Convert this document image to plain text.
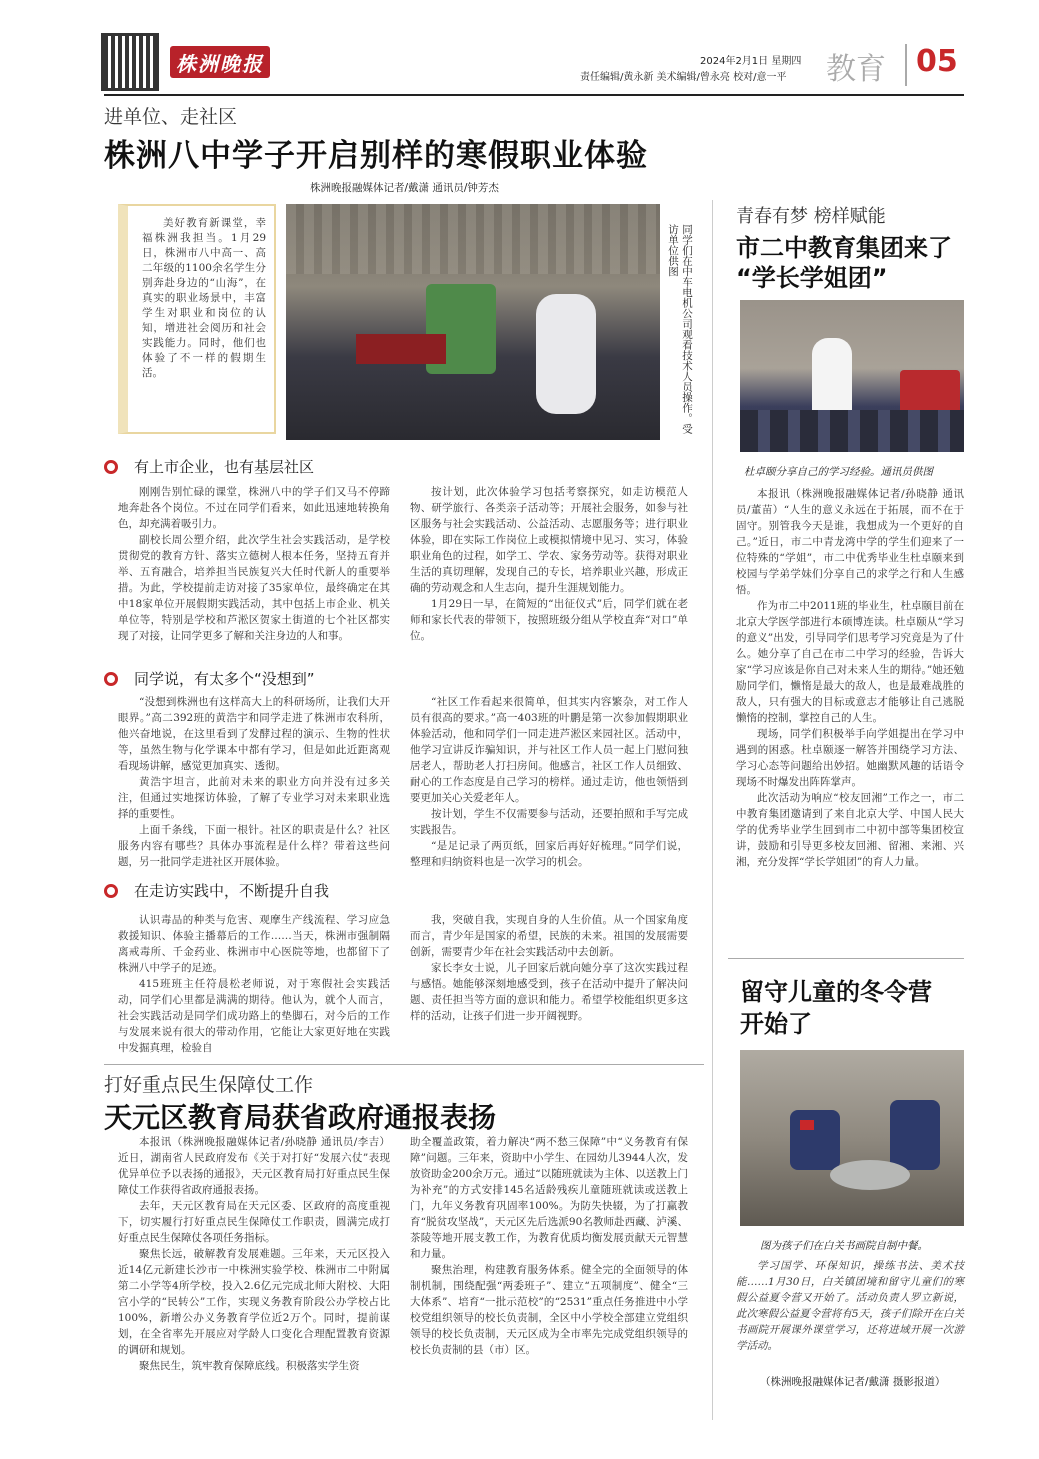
株洲晚报	2024年2月1日 星期四
责任编辑/黄永新 美术编辑/曾永亮 校对/意一平 教育 05
进单位、走社区
株洲八中学子开启别样的寒假职业体验
株洲晚报融媒体记者/戴潇 通讯员/钟芳杰

美好教育新课堂，幸福株洲我担当。1月29日，株洲市八中高一、高二年级的1100余名学生分别奔赴身边的“山海”，在真实的职业场景中，丰富学生对职业和岗位的认知，增进社会阅历和社会实践能力。同时，他们也体验了不一样的假期生活。	同学们在中车电机公司观看技术人员操作。受访单位供图
有上市企业，也有基层社区

刚刚告别忙碌的课堂，株洲八中的学子们又马不停蹄地奔赴各个岗位。不过在同学们看来，如此迅速地转换角色，却充满着吸引力。

副校长周公塑介绍，此次学生社会实践活动，是学校贯彻党的教育方针、落实立德树人根本任务，坚持五育并举、五育融合，培养担当民族复兴大任时代新人的重要举措。为此，学校提前走访对接了35家单位，最终确定在其中18家单位开展假期实践活动，其中包括上市企业、机关单位等，特别是学校和芦淞区贺家土街道的七个社区都实现了对接，让同学更多了解和关注身边的人和事。

按计划，此次体验学习包括考察探究，如走访模范人物、研学旅行、各类亲子活动等；开展社会服务，如参与社区服务与社会实践活动、公益活动、志愿服务等；进行职业体验，即在实际工作岗位上或模拟情境中见习、实习，体验职业角色的过程，如学工、学农、家务劳动等。获得对职业生活的真切理解，发现自己的专长，培养职业兴趣，形成正确的劳动观念和人生志向，提升生涯规划能力。

1月29日一早，在简短的“出征仪式”后，同学们就在老师和家长代表的带领下，按照班级分组从学校直奔“对口”单位。

同学说，有太多个“没想到”

“没想到株洲也有这样高大上的科研场所，让我们大开眼界。”高二392班的黄浩宇和同学走进了株洲市农科所，他兴奋地说，在这里看到了发酵过程的演示、生物的性状等，虽然生物与化学课本中都有学习，但是如此近距离观看现场讲解，感觉更加真实、透彻。

黄浩宇坦言，此前对未来的职业方向并没有过多关注，但通过实地探访体验，了解了专业学习对未来职业选择的重要性。

上面千条线，下面一根针。社区的职责是什么？社区服务内容有哪些？具体办事流程是什么样？带着这些问题，另一批同学走进社区开展体验。

“社区工作看起来很简单，但其实内容繁杂，对工作人员有很高的要求。”高一403班的叶鹏是第一次参加假期职业体验活动，他和同学们一同走进芦淞区来园社区。活动中，他学习宣讲反诈骗知识，并与社区工作人员一起上门慰问独居老人，帮助老人打扫房间。他感言，社区工作人员细致、耐心的工作态度是自己学习的榜样。通过走访，他也领悟到要更加关心关爱老年人。

按计划，学生不仅需要参与活动，还要拍照和手写完成实践报告。

“是足记录了两页纸，回家后再好好梳理。”同学们说，整理和归纳资料也是一次学习的机会。

在走访实践中，不断提升自我

认识毒品的种类与危害、观摩生产线流程、学习应急救援知识、体验主播幕后的工作……当天，株洲市强制隔离戒毒所、千金药业、株洲市中心医院等地，也都留下了株洲八中学子的足迹。

415班班主任符晨松老师说，对于寒假社会实践活动，同学们心里都是满满的期待。他认为，就个人而言，社会实践活动是同学们成功路上的垫脚石，对今后的工作与发展来说有很大的带动作用，它能让大家更好地在实践中发掘真理，检验自

我，突破自我，实现自身的人生价值。从一个国家角度而言，青少年是国家的希望，民族的未来。祖国的发展需要创新，需要青少年在社会实践活动中去创新。

家长李女士说，儿子回家后就向她分享了这次实践过程与感悟。她能够深刻地感受到，孩子在活动中提升了解决问题、责任担当等方面的意识和能力。希望学校能组织更多这样的活动，让孩子们进一步开阔视野。

打好重点民生保障仗工作
天元区教育局获省政府通报表扬

本报讯（株洲晚报融媒体记者/孙晓静 通讯员/李吉）近日，湖南省人民政府发布《关于对打好“发展六仗”表现优异单位予以表扬的通报》，天元区教育局打好重点民生保障仗工作获得省政府通报表扬。

去年，天元区教育局在天元区委、区政府的高度重视下，切实履行打好重点民生保障仗工作职责，圆满完成打好重点民生保障仗各项任务指标。

聚焦长远，破解教育发展难题。三年来，天元区投入近14亿元新建长沙市一中株洲实验学校、株洲市二中附属第二小学等4所学校，投入2.6亿元完成北师大附校、大阳宫小学的“民转公”工作，实现义务教育阶段公办学校占比100%，新增公办义务教育学位近2万个。同时，提前谋划，在全省率先开展应对学龄人口变化合理配置教育资源的调研和规划。

聚焦民生，筑牢教育保障底线。积极落实学生资

助全覆盖政策，着力解决“两不愁三保障”中“义务教育有保障”问题。三年来，资助中小学生、在园幼儿3944人次，发放资助金200余万元。通过“以随班就读为主体、以送教上门为补充”的方式安排145名适龄残疾儿童随班就读或送教上门，九年义务教育巩固率100%。为防失快辍，为了打赢教育“脱贫攻坚战”，天元区先后选派90名教师赴西藏、泸溪、茶陵等地开展支教工作，为教育优质均衡发展贡献天元智慧和力量。

聚焦治理，构建教育服务体系。健全完的全面领导的体制机制，围绕配强“两委班子”、建立“五项制度”、健全“三大体系”、培育“一批示范校”的“2531”重点任务推进中小学校党组织领导的校长负责制，全区中小学校全部建立党组织领导的校长负责制，天元区成为全市率先完成党组织领导的校长负责制的县（市）区。

青春有梦 榜样赋能
市二中教育集团来了
“学长学姐团”
杜卓颐分享自己的学习经验。通讯员供图

本报讯（株洲晚报融媒体记者/孙晓静 通讯员/董苗）“人生的意义永远在于拓展，而不在于固守。别管我今天是谁，我想成为一个更好的自己。”近日，市二中青龙湾中学的学生们迎来了一位特殊的“学姐”，市二中优秀毕业生杜卓颐来到校园与学弟学妹们分享自己的求学之行和人生感悟。

作为市二中2011班的毕业生，杜卓颐目前在北京大学医学部进行本硕博连读。杜卓颐从“学习的意义”出发，引导同学们思考学习究竟是为了什么。她分享了自己在市二中学习的经验，告诉大家“学习应该是你自己对未来人生的期待。”她还勉励同学们，懒惰是最大的敌人，也是最难战胜的敌人，只有强大的目标或意志才能够让自己逃脱懒惰的控制，掌控自己的人生。

现场，同学们积极举手向学姐提出在学习中遇到的困惑。杜卓颐逐一解答并围绕学习方法、学习心态等问题给出妙招。她幽默风趣的话语令现场不时爆发出阵阵掌声。

此次活动为响应“校友回湘”工作之一，市二中教育集团邀请到了来自北京大学、中国人民大学的优秀毕业学生回到市二中初中部等集团校宣讲，鼓励和引导更多校友回湘、留湘、来湘、兴湘，充分发挥“学长学姐团”的育人力量。

留守儿童的冬令营
开始了
图为孩子们在白关书画院自制中餐。

学习国学、环保知识，操练书法、美术技能……1月30日，白关镇团境和留守儿童们的寒假公益夏令营又开始了。活动负责人罗立新说，此次寒假公益夏令营将有5天，孩子们除开在白关书画院开展课外课堂学习，还将进域开展一次游学活动。

（株洲晚报融媒体记者/戴潇 摄影报道）
